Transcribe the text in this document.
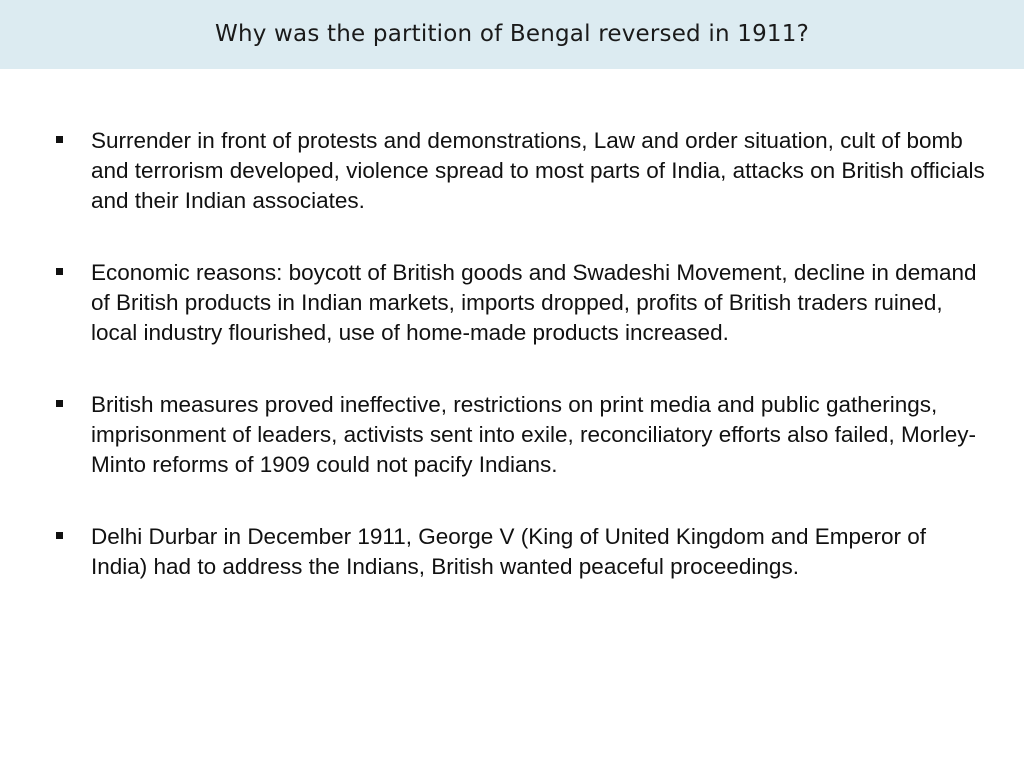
Why was the partition of Bengal reversed in 1911?
Surrender in front of protests and demonstrations, Law and order situation, cult of bomb and terrorism developed, violence spread to most parts of India, attacks on British officials and their Indian associates.
Economic reasons: boycott of British goods and Swadeshi Movement, decline in demand of British products in Indian markets, imports dropped, profits of British traders ruined, local industry flourished, use of home-made products increased.
British measures proved ineffective, restrictions on print media and public gatherings, imprisonment of leaders, activists sent into exile, reconciliatory efforts also failed, Morley-Minto reforms of 1909 could not pacify Indians.
Delhi Durbar in December 1911, George V (King of United Kingdom and Emperor of India) had to address the Indians, British wanted peaceful proceedings.
